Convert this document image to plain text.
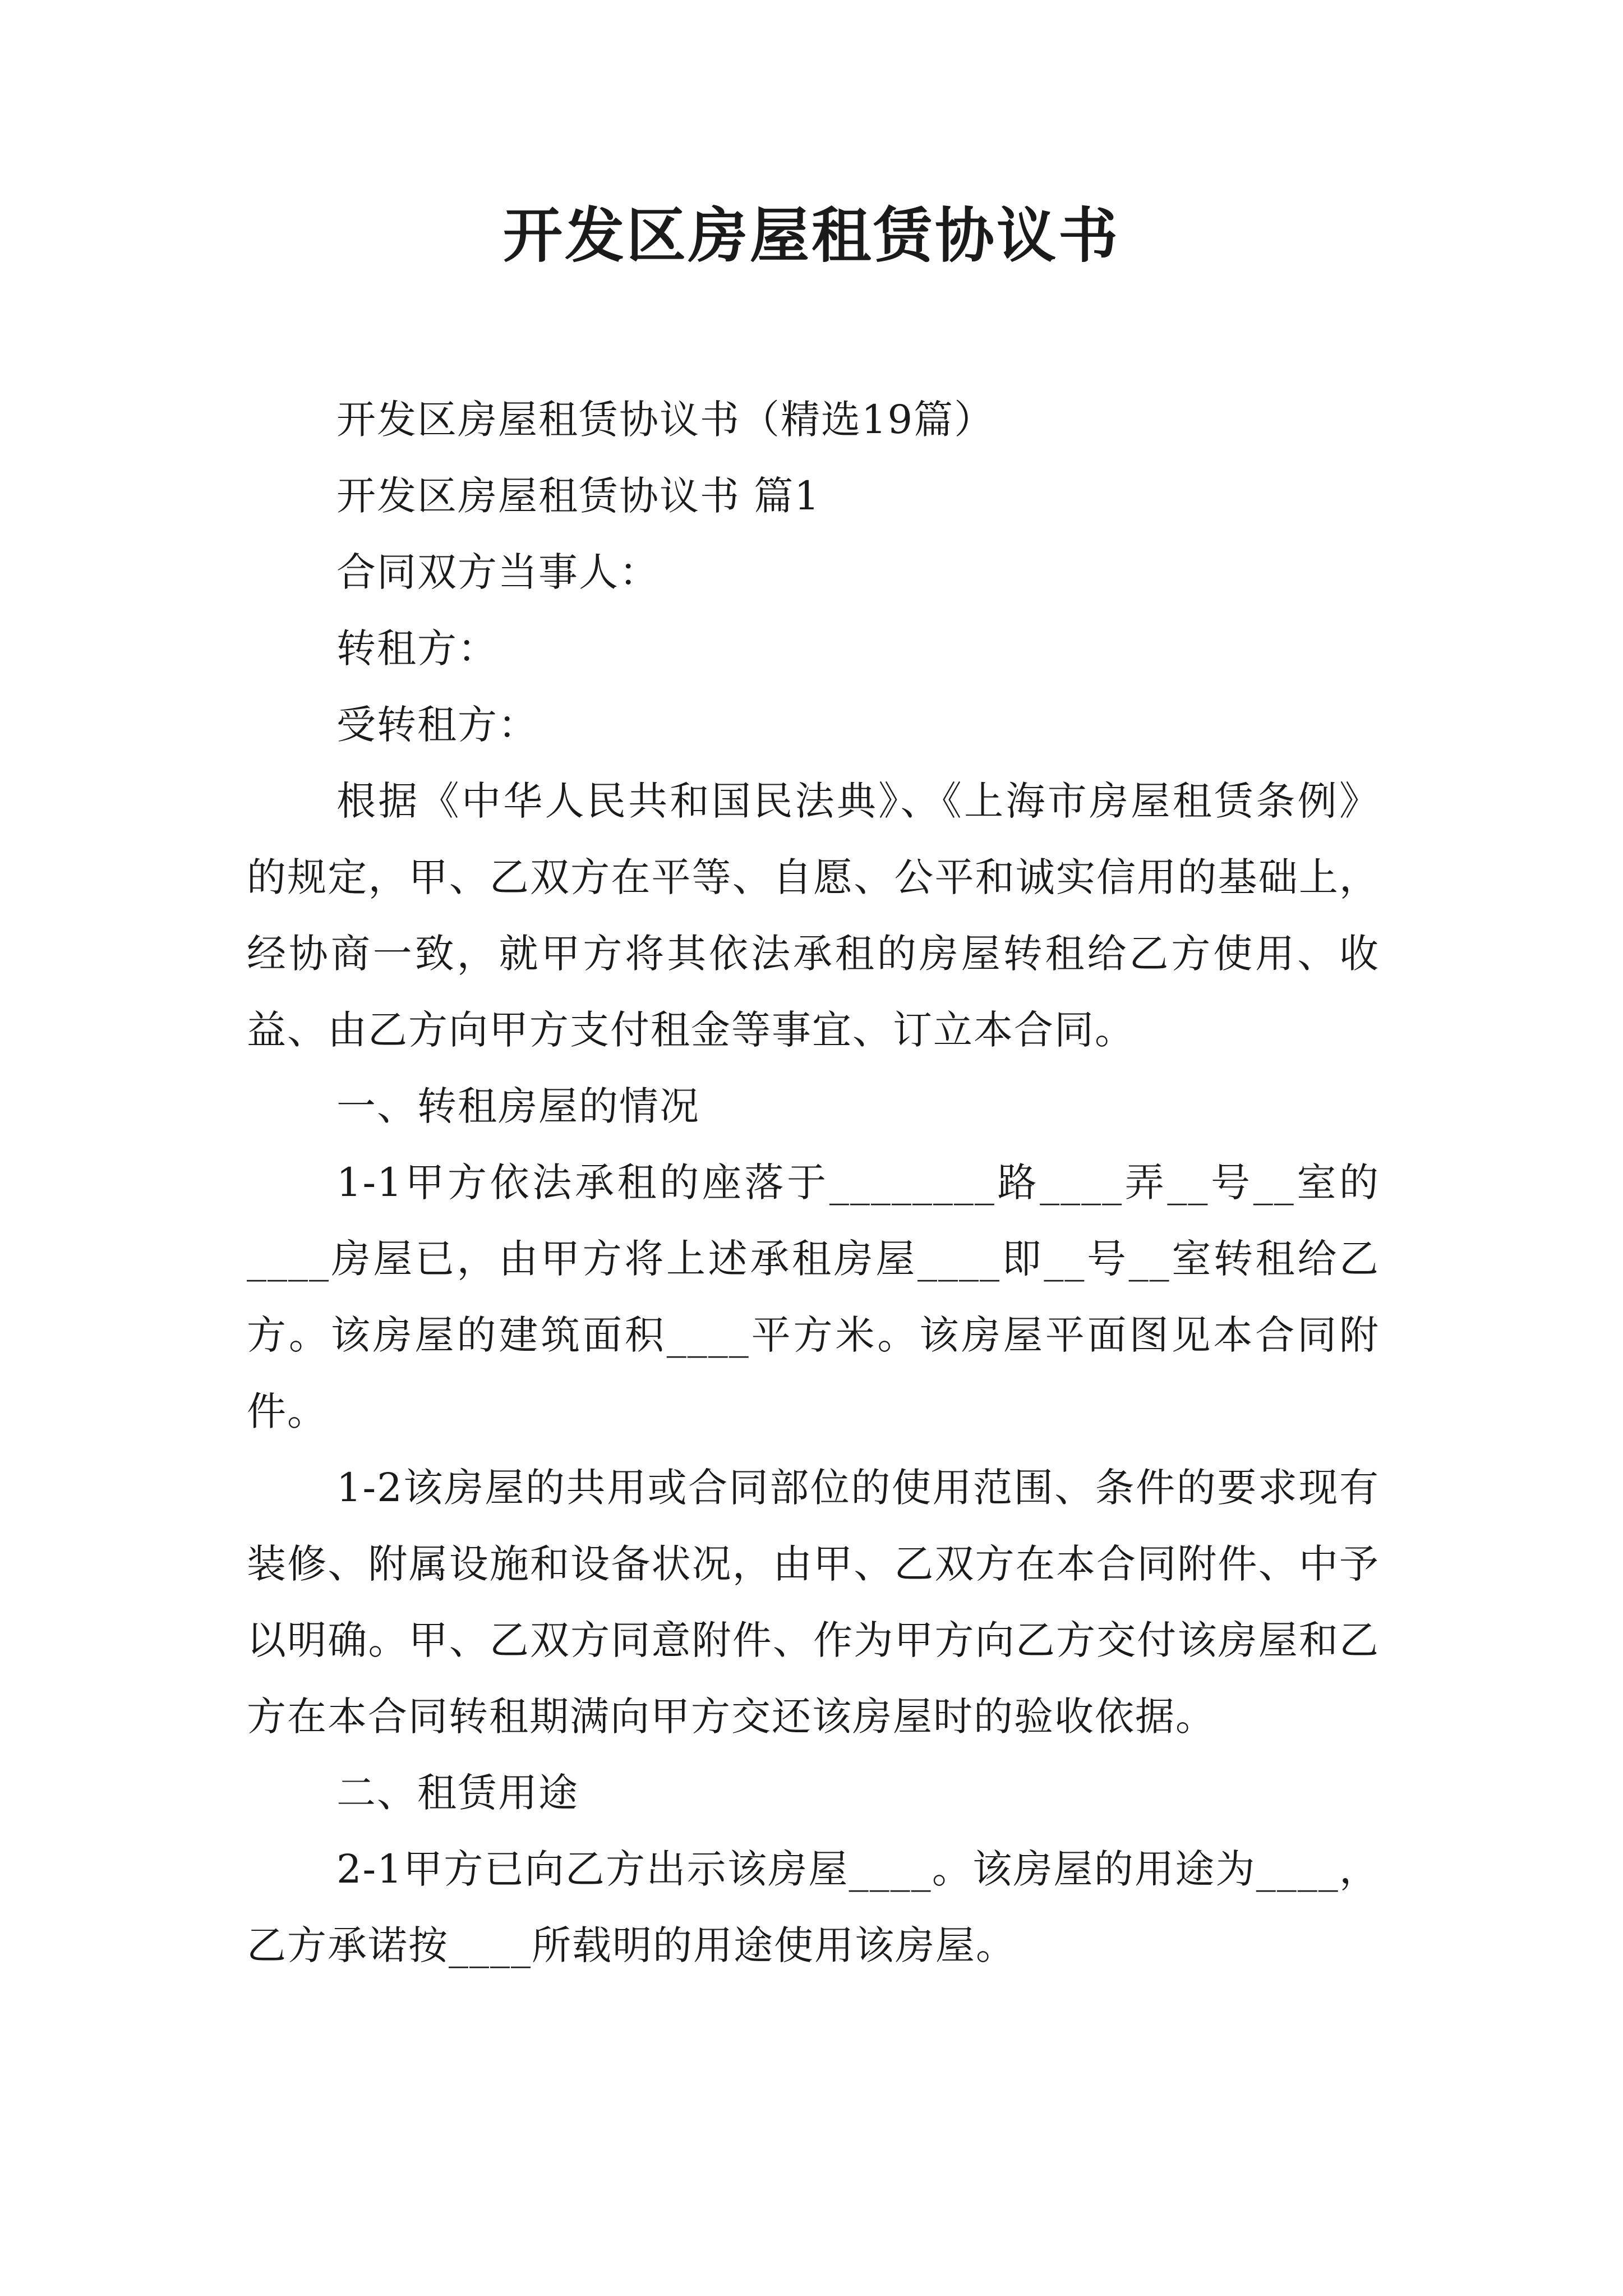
开发区房屋租赁协议书

开发区房屋租赁协议书（精选19篇）

开发区房屋租赁协议书 篇1

合同双方当事人：

转租方：

受转租方：

根据《中华人民共和国民法典》、《上海市房屋租赁条例》的规定，甲、乙双方在平等、自愿、公平和诚实信用的基础上，经协商一致，就甲方将其依法承租的房屋转租给乙方使用、收益、由乙方向甲方支付租金等事宜、订立本合同。

一、转租房屋的情况

1-1甲方依法承租的座落于________路____弄__号__室的____房屋已，由甲方将上述承租房屋____即__号__室转租给乙方。该房屋的建筑面积____平方米。该房屋平面图见本合同附件。

1-2该房屋的共用或合同部位的使用范围、条件的要求现有装修、附属设施和设备状况，由甲、乙双方在本合同附件、中予以明确。甲、乙双方同意附件、作为甲方向乙方交付该房屋和乙方在本合同转租期满向甲方交还该房屋时的验收依据。

二、租赁用途

2-1甲方已向乙方出示该房屋____。该房屋的用途为____，乙方承诺按____所载明的用途使用该房屋。
